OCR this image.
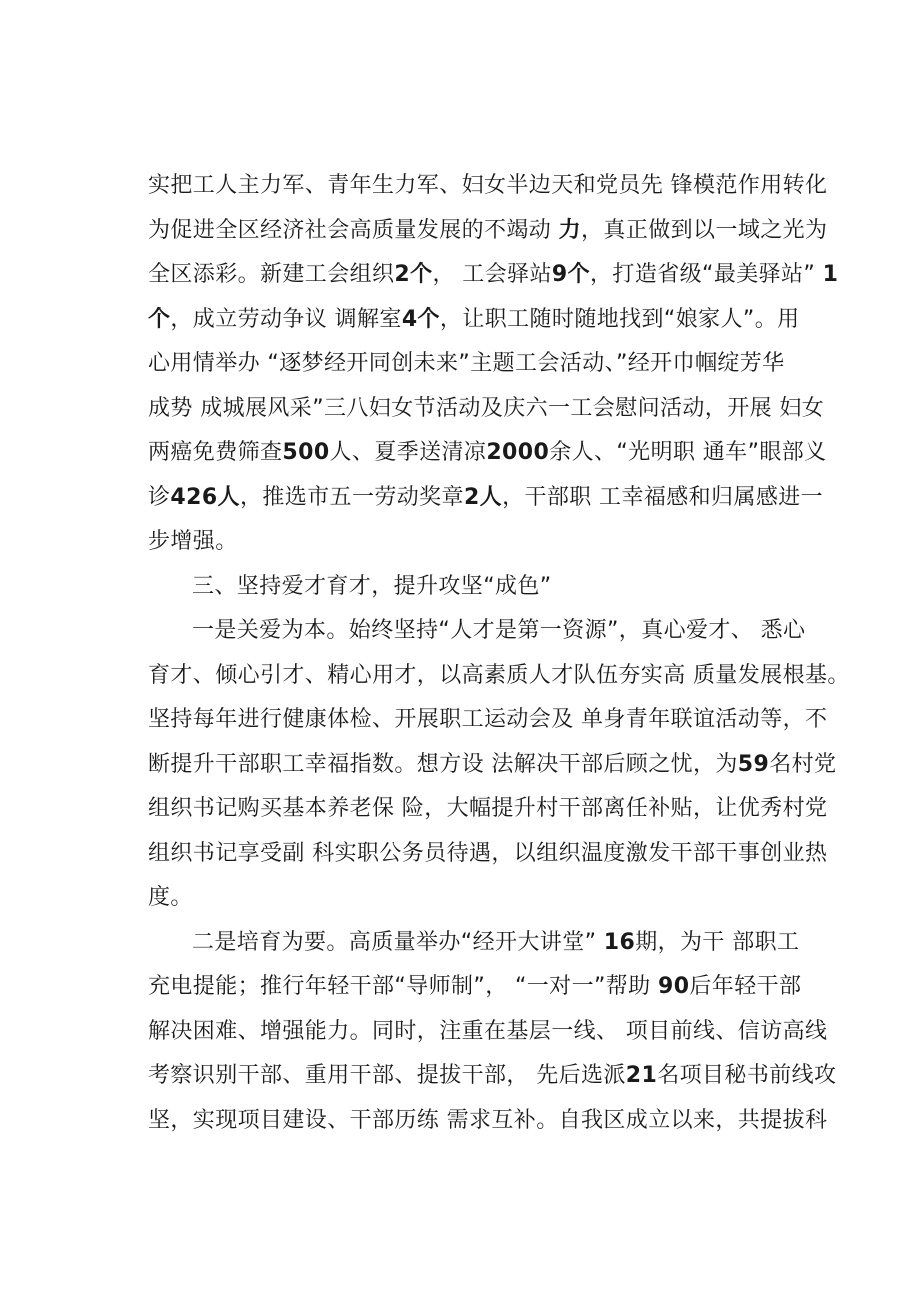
实把工人主力军、青年生力军、妇女半边天和党员先 锋模范作用转化
为促进全区经济社会高质量发展的不竭动 力，真正做到以一域之光为
全区添彩。新建工会组织2个， 工会驿站9个，打造省级“最美驿站” 1
个，成立劳动争议 调解室4个，让职工随时随地找到“娘家人”。用
心用情举办 “逐梦经开同创未来”主题工会活动、”经开巾帼绽芳华
成势 成城展风采”三八妇女节活动及庆六一工会慰问活动，开展 妇女
两癌免费筛查500人、夏季送清凉2000余人、“光明职 通车”眼部义
诊426人，推选市五一劳动奖章2人，干部职 工幸福感和归属感进一
步增强。
三、坚持爱才育才，提升攻坚“成色”
一是关爱为本。始终坚持“人才是第一资源”，真心爱才、 悉心
育才、倾心引才、精心用才，以高素质人才队伍夯实高 质量发展根基。
坚持每年进行健康体检、开展职工运动会及 单身青年联谊活动等，不
断提升干部职工幸福指数。想方设 法解决干部后顾之忧，为59名村党
组织书记购买基本养老保 险，大幅提升村干部离任补贴，让优秀村党
组织书记享受副 科实职公务员待遇，以组织温度激发干部干事创业热
度。
二是培育为要。高质量举办“经开大讲堂” 16期，为干 部职工
充电提能；推行年轻干部“导师制”， “一对一”帮助 90后年轻干部
解决困难、增强能力。同时，注重在基层一线、 项目前线、信访高线
考察识别干部、重用干部、提拔干部， 先后选派21名项目秘书前线攻
坚，实现项目建设、干部历练 需求互补。自我区成立以来，共提拔科
